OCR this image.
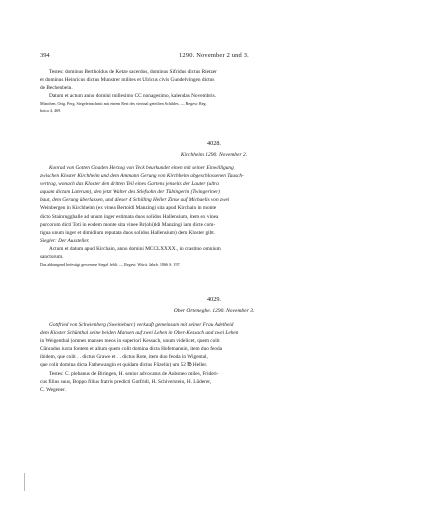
394	1290. November 2 und 3.

Testes: dominus Bertholdus de Ketze sacerdos, dominus Sifridus dictus Rietzer

et dominus Heinricus dictus Munstrer milites et Ulricus civis Gundelvingen dictus

de Bechenbein.

Datum et actum anno domini millesimo CC nonagesimo, kalendas Novembris.

München, Orig. Perg. Siegeleinschnitt mit einem Rest des vierinal geteilten Schildes. — Regest: Reg.

boica 4, 469.

4028.
Kirchheim 1290. November 2.

Konrad von Gotten Gnaden Herzog von Teck beurkundet einen mit seiner Einwilligung

zwischen Kloster Kirchheim und dem Ammann Gerung von Kirchheim abgeschlossenen Tausch-

vertrag, wonach das Kloster den dritten Teil eines Gartens jenseits der Lauter (ultra

aquam dictam Laterum), den jetzt Walter des Stiefsohn der Tübingerin (Twingeriner)

baut, dem Gerung überlassen, und dieser 4 Schilling Heller Zinse auf Michaelis von zwei

Weinbergen in Kirchheim (ex vinea Bertoldi Manzingi sita apud Kirchain in monte

dicto Stainrugghalle ad unum inger estimata duos solidos Hallensium, item ex vinea

purcorum dicti Toti in eodem monte sita vinee Br(ohi)ldi Manzingi iam dicte com-

tigua unum inger et dimidium reputata duos solidos Hallensium) dem Kloster gibt.

Siegler: Der Aussteller.

Actum et datum apud Kirchain, anno domini MCCLXXXX., in crastino omnium

sanctorum.

Das abhangend befestigt gewesene Siegel fehlt. — Regest: Württ. Jahrb. 1866 S. 197.

4029.
Ober Ortenegbe. 1290. November 3.

Gottfried von Schwienberg (Sweineburc) verkauft gemeinsam mit seiner Frau Adelheid

dem Kloster Schünthal seine beiden Mansen auf zwei Lehen in Ober-Kessach und zwei Lehen

in Weigenthal (omnes manses meos in superiori Kessach, unum videlicet, quem colit

Cûnradus iuxta fontem et alium quem colit domina dicta Hofemannin, item duo feoda

ibidem, que colit . . dictus Grawe et . . dictus Rote, item duo feoda in Wigental,

que colit domina dicta Fathewangin et quidam dictus Fûzelin) um 52 ℔ Heller.

Testes: C. plebanus de Biringen, H. senior advocatus de Aubsneo miles, Frideri-

cus filius suus, Boppo filius fratris predicti Gotfridi, H. Schiverstein, H. Lûderer,

C. Wegener.
